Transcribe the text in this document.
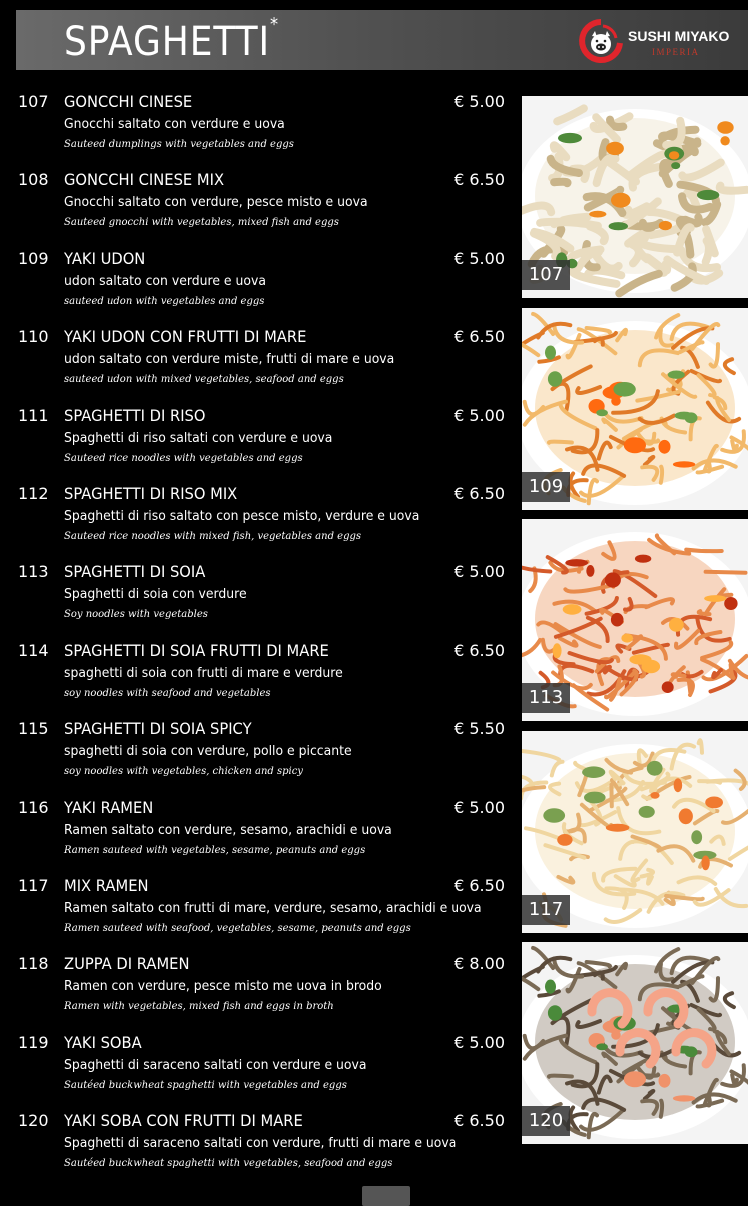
SPAGHETTI*
SUSHI MIYAKO
IMPERIA
107 GONCCHI CINESE	€ 5.00
Gnocchi saltato con verdure e uova
Sauteed dumplings with vegetables and eggs
108 GONCCHI CINESE MIX	€ 6.50
Gnocchi saltato con verdure, pesce misto e uova
Sauteed gnocchi with vegetables, mixed fish and eggs
109 YAKI UDON	€ 5.00
udon saltato con verdure e uova
sauteed udon with vegetables and eggs
110 YAKI UDON CON FRUTTI DI MARE	€ 6.50
udon saltato con verdure miste, frutti di mare e uova
sauteed udon with mixed vegetables, seafood and eggs
111 SPAGHETTI DI RISO	€ 5.00
Spaghetti di riso saltati con verdure e uova
Sauteed rice noodles with vegetables and eggs
112 SPAGHETTI DI RISO MIX	€ 6.50
Spaghetti di riso saltato con pesce misto, verdure e uova
Sauteed rice noodles with mixed fish, vegetables and eggs
113 SPAGHETTI DI SOIA	€ 5.00
Spaghetti di soia con verdure
Soy noodles with vegetables
114 SPAGHETTI DI SOIA FRUTTI DI MARE	€ 6.50
spaghetti di soia con frutti di mare e verdure
soy noodles with seafood and vegetables
115 SPAGHETTI DI SOIA SPICY	€ 5.50
spaghetti di soia con verdure, pollo e piccante
soy noodles with vegetables, chicken and spicy
116 YAKI RAMEN	€ 5.00
Ramen saltato con verdure, sesamo, arachidi e uova
Ramen sauteed with vegetables, sesame, peanuts and eggs
117 MIX RAMEN	€ 6.50
Ramen saltato con frutti di mare, verdure, sesamo, arachidi e uova
Ramen sauteed with seafood, vegetables, sesame, peanuts and eggs
118 ZUPPA DI RAMEN	€ 8.00
Ramen con verdure, pesce misto me uova in brodo
Ramen with vegetables, mixed fish and eggs in broth
119 YAKI SOBA	€ 5.00
Spaghetti di saraceno saltati con verdure e uova
Sautéed buckwheat spaghetti with vegetables and eggs
120 YAKI SOBA CON FRUTTI DI MARE	€ 6.50
Spaghetti di saraceno saltati con verdure, frutti di mare e uova
Sautéed buckwheat spaghetti with vegetables, seafood and eggs
107
109
113
117
120
